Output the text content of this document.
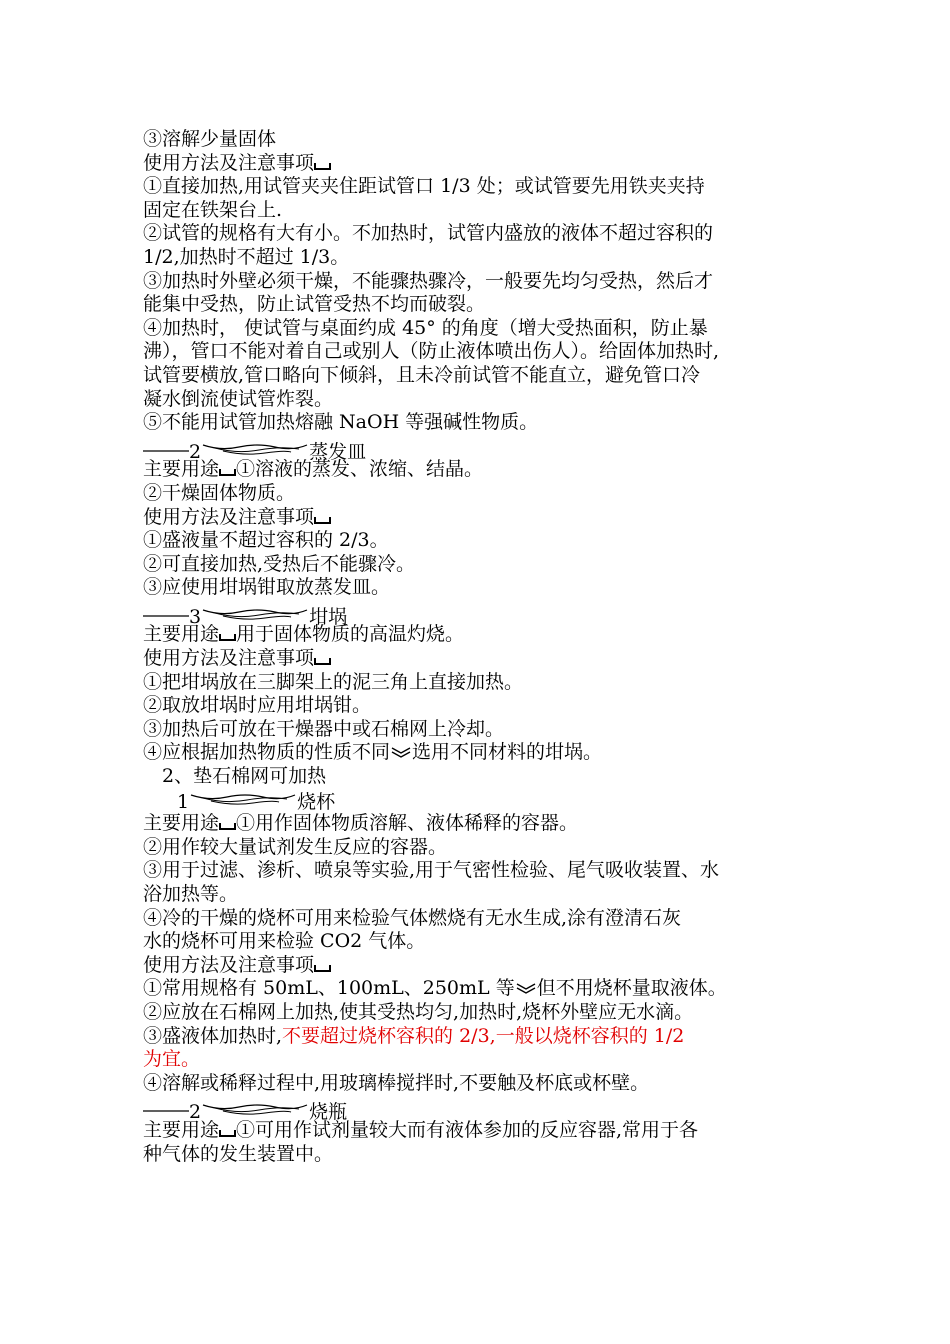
③溶解少量固体
使用方法及注意事项
①直接加热,用试管夹夹住距试管口 1/3 处；或试管要先用铁夹夹持
固定在铁架台上.
②试管的规格有大有小。不加热时，试管内盛放的液体不超过容积的
1/2,加热时不超过 1/3。
③加热时外壁必须干燥，不能骤热骤冷，一般要先均匀受热，然后才
能集中受热，防止试管受热不均而破裂。
④加热时， 使试管与桌面约成 45° 的角度（增大受热面积，防止暴
沸），管口不能对着自己或别人（防止液体喷出伤人）。给固体加热时,
试管要横放,管口略向下倾斜，且未冷前试管不能直立，避免管口冷
凝水倒流使试管炸裂。
⑤不能用试管加热熔融 NaOH 等强碱性物质。
2	蒸发皿
主要用途 ①溶液的蒸发、浓缩、结晶。
②干燥固体物质。
使用方法及注意事项
①盛液量不超过容积的 2/3。
②可直接加热,受热后不能骤冷。
③应使用坩埚钳取放蒸发皿。
3	坩埚
主要用途 用于固体物质的高温灼烧。
使用方法及注意事项
①把坩埚放在三脚架上的泥三角上直接加热。
②取放坩埚时应用坩埚钳。
③加热后可放在干燥器中或石棉网上冷却。
④应根据加热物质的性质不同 选用不同材料的坩埚。
2、垫石棉网可加热
1	烧杯
主要用途 ①用作固体物质溶解、液体稀释的容器。
②用作较大量试剂发生反应的容器。
③用于过滤、渗析、喷泉等实验,用于气密性检验、尾气吸收装置、水
浴加热等。
④冷的干燥的烧杯可用来检验气体燃烧有无水生成,涂有澄清石灰
水的烧杯可用来检验 CO2 气体。
使用方法及注意事项
①常用规格有 50mL、100mL、250mL 等 但不用烧杯量取液体。
②应放在石棉网上加热,使其受热均匀,加热时,烧杯外壁应无水滴。
③盛液体加热时,不要超过烧杯容积的 2/3,一般以烧杯容积的 1/2
为宜。
④溶解或稀释过程中,用玻璃棒搅拌时,不要触及杯底或杯壁。
2	烧瓶
主要用途 ①可用作试剂量较大而有液体参加的反应容器,常用于各
种气体的发生装置中。
